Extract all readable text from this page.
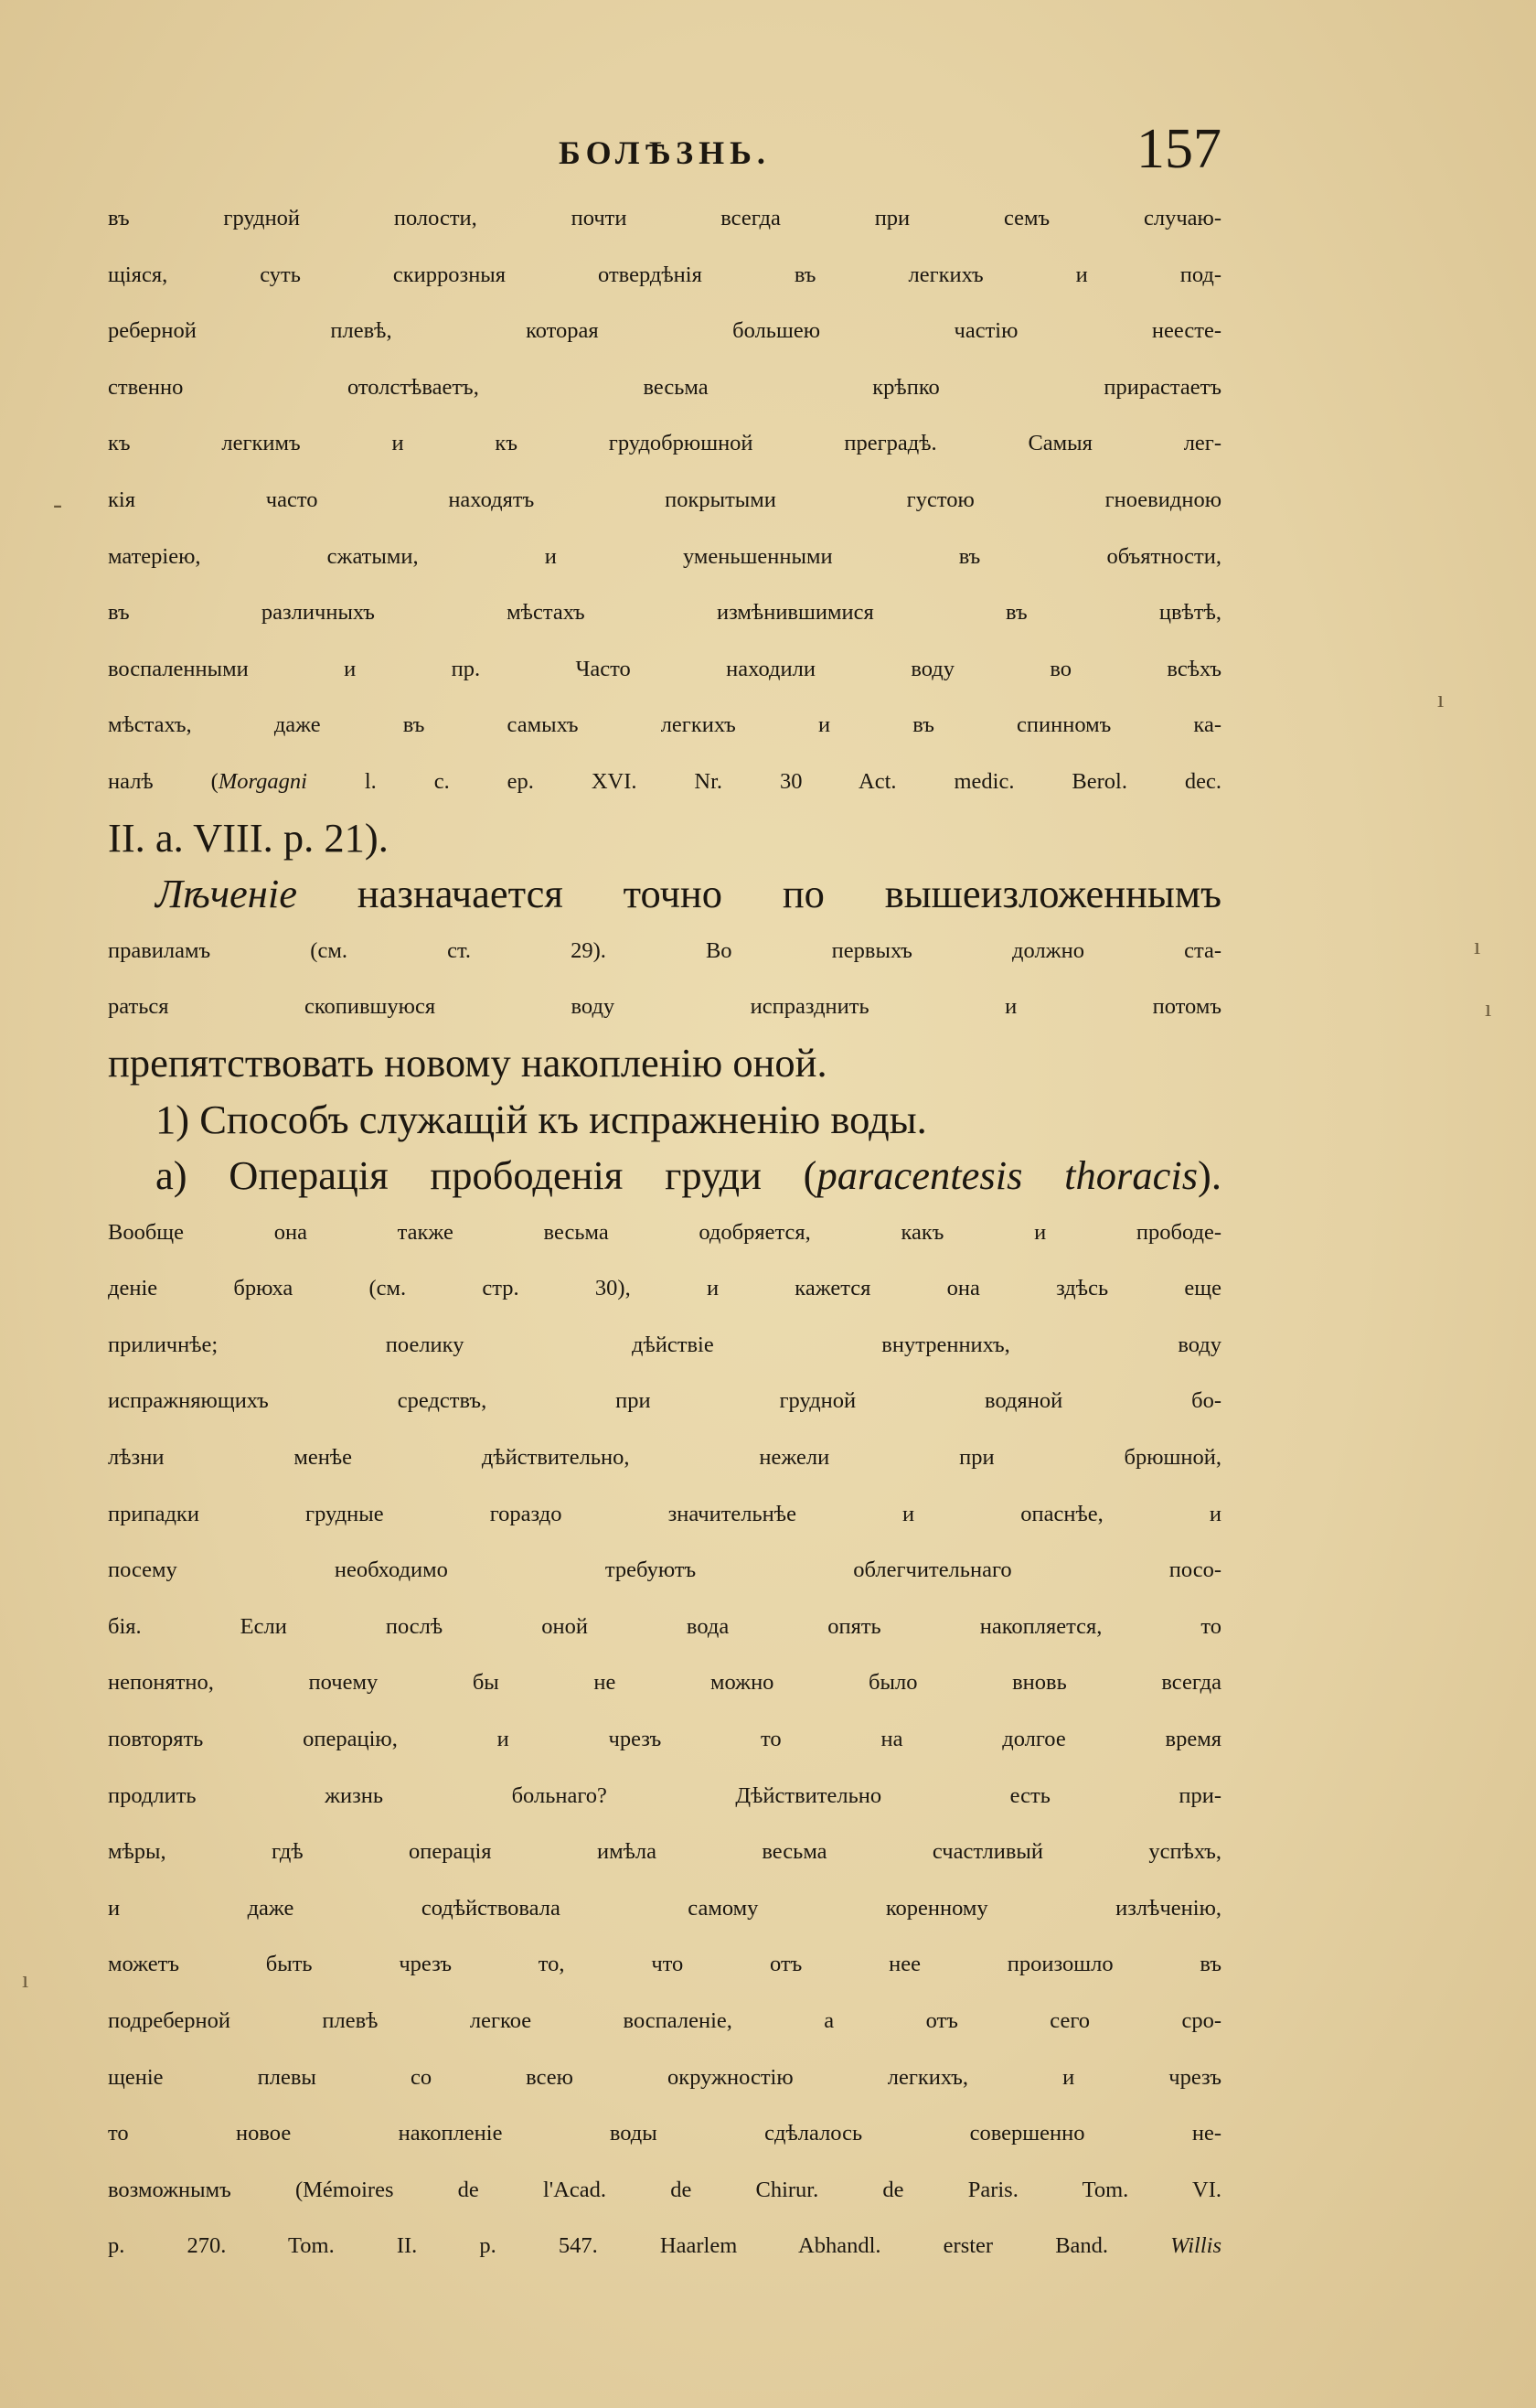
БОЛѢЗНЬ.	157
въ грудной полости, почти всегда при семъ случаю-
щіяся, суть скиррозныя отвердѣнія въ легкихъ и под-
реберной плевѣ, которая большею частію неесте-
ственно отолстѣваетъ, весьма крѣпко прирастаетъ
къ легкимъ и къ грудобрюшной преградѣ. Самыя лег-
кія часто находятъ покрытыми густою гноевидною
матеріею, сжатыми, и уменьшенными въ объятности,
въ различныхъ мѣстахъ измѣнившимися въ цвѣтѣ,
воспаленными и пр. Часто находили воду во всѣхъ
мѣстахъ, даже въ самыхъ легкихъ и въ спинномъ ка-
налѣ (Morgagni l. c. ep. XVI. Nr. 30 Act. medic. Berol. dec.
II. a. VIII. p. 21).
Лѣченіе назначается точно по вышеизложеннымъ
правиламъ (см. ст. 29). Во первыхъ должно ста-
раться скопившуюся воду испразднить и потомъ
препятствовать новому накопленію оной.
1) Способъ служащій къ испражненію воды.
а) Операція прободенія груди (paracentesis thoracis).
Вообще она также весьма одобряется, какъ и прободе-
деніе брюха (см. стр. 30), и кажется она здѣсь еще
приличнѣе; поелику дѣйствіе внутреннихъ, воду
испражняющихъ средствъ, при грудной водяной бо-
лѣзни менѣе дѣйствительно, нежели при брюшной,
припадки грудные гораздо значительнѣе и опаснѣе, и
посему необходимо требуютъ облегчительнаго посо-
бія. Если послѣ оной вода опять накопляется, то
непонятно, почему бы не можно было вновь всегда
повторять операцію, и чрезъ то на долгое время
продлить жизнь больнаго? Дѣйствительно есть при-
мѣры, гдѣ операція имѣла весьма счастливый успѣхъ,
и даже содѣйствовала самому коренному излѣченію,
можетъ быть чрезъ то, что отъ нее произошло въ
подреберной плевѣ легкое воспаленіе, а отъ сего сро-
щеніе плевы со всею окружностію легкихъ, и чрезъ
то новое накопленіе воды сдѣлалось совершенно не-
возможнымъ (Mémoires de l'Acad. de Chirur. de Paris. Tom. VI.
p. 270. Tom. II. p. 547. Haarlem Abhandl. erster Band. Willis
-
ı
ı
ı
ı
